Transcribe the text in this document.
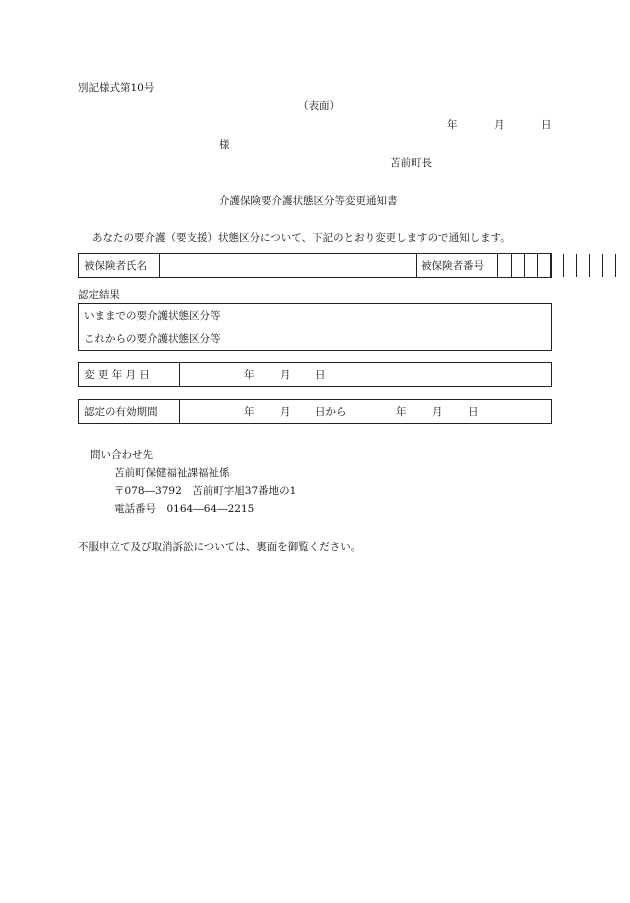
別記様式第10号
（表面）
年	月	日
様
苫前町長
介護保険要介護状態区分等変更通知書
あなたの要介護（要支援）状態区分について、下記のとおり変更しますので通知します。
被保険者氏名	被保険者番号
認定結果
いままでの要介護状態区分等
これからの要介護状態区分等
変 更 年 月 日	年 月 日
認定の有効期間	年 月 日から	年 月 日
問い合わせ先
苫前町保健福祉課福祉係
〒078―3792　苫前町字旭37番地の1
電話番号　0164―64―2215
不服申立て及び取消訴訟については、裏面を御覧ください。
